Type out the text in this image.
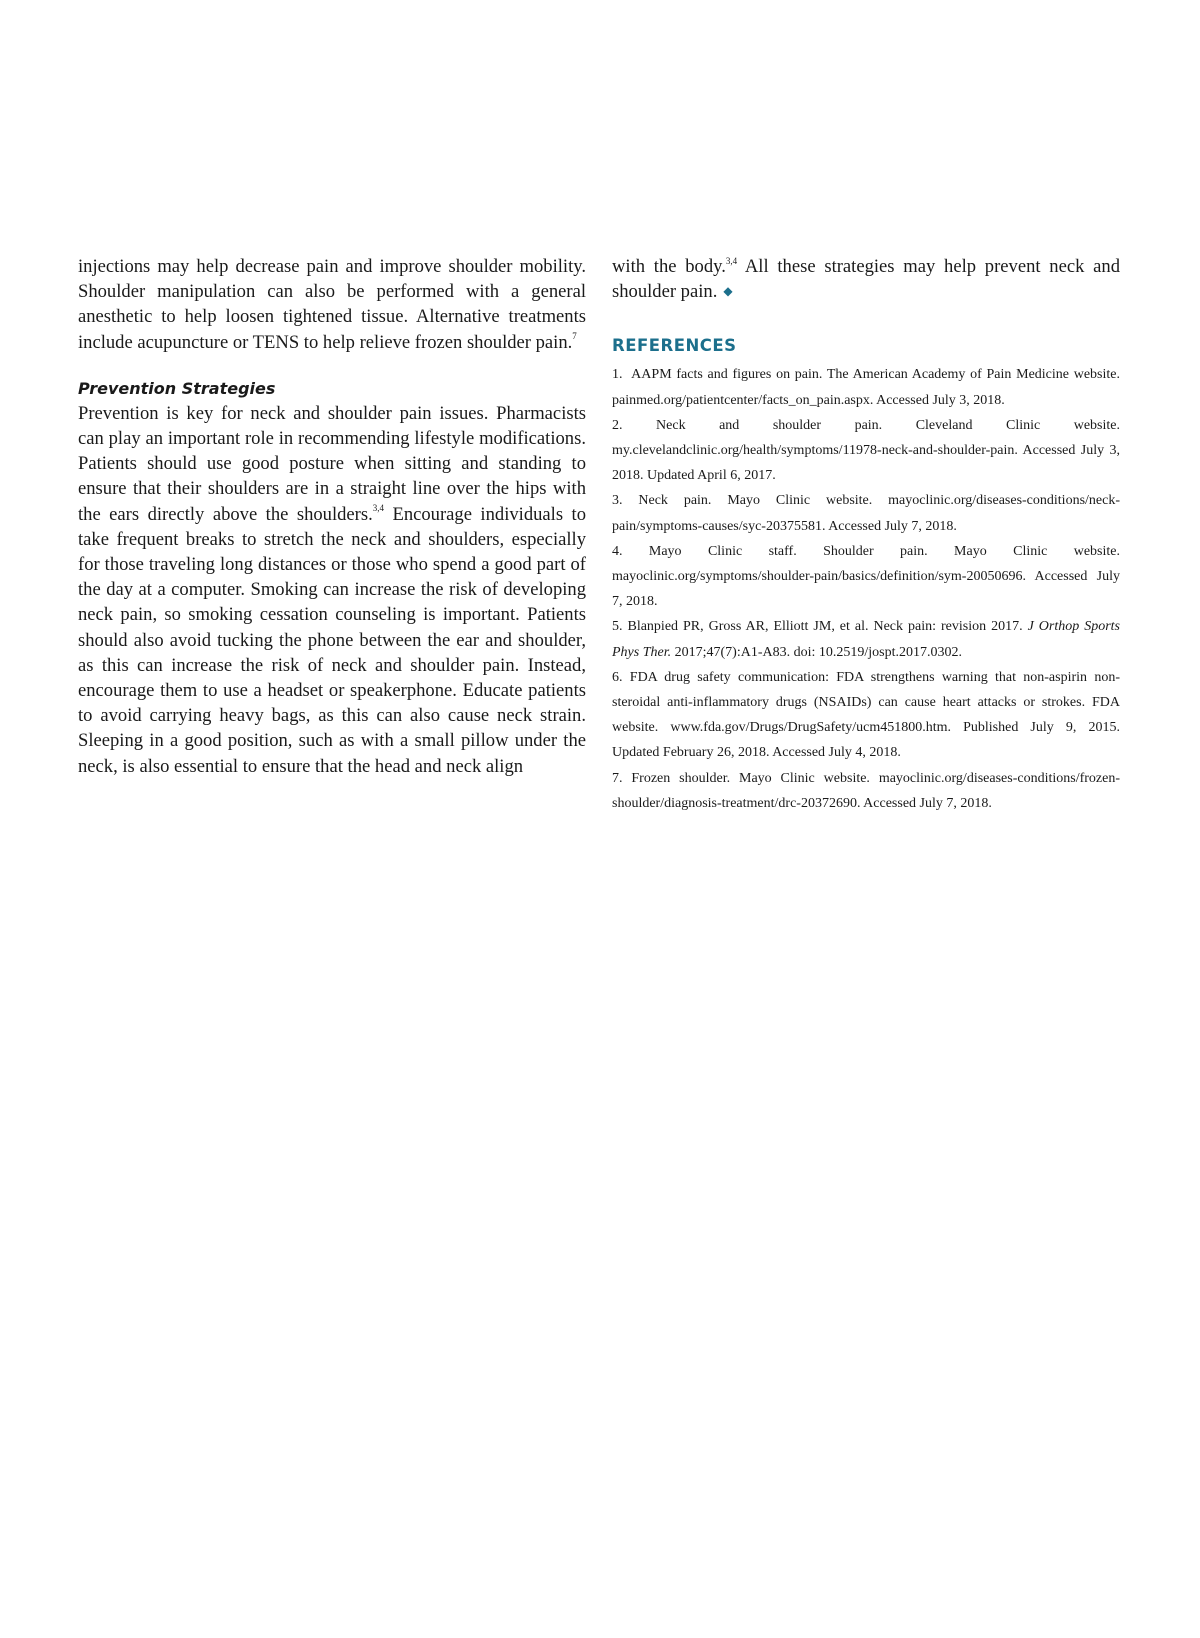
injections may help decrease pain and improve shoulder mobility. Shoulder manipulation can also be performed with a general anesthetic to help loosen tightened tissue. Alternative treatments include acupuncture or TENS to help relieve frozen shoulder pain.$^7$

Prevention Strategies

Prevention is key for neck and shoulder pain issues. Pharmacists can play an important role in recommending lifestyle modifications. Patients should use good posture when sitting and standing to ensure that their shoulders are in a straight line over the hips with the ears directly above the shoulders.$^{3,4}$ Encourage individuals to take frequent breaks to stretch the neck and shoulders, especially for those traveling long distances or those who spend a good part of the day at a computer. Smoking can increase the risk of developing neck pain, so smoking cessation counseling is important. Patients should also avoid tucking the phone between the ear and shoulder, as this can increase the risk of neck and shoulder pain. Instead, encourage them to use a headset or speakerphone. Educate patients to avoid carrying heavy bags, as this can also cause neck strain. Sleeping in a good position, such as with a small pillow under the neck, is also essential to ensure that the head and neck align

with the body.$^{3,4}$ All these strategies may help prevent neck and shoulder pain. ◆

REFERENCES

1.  AAPM facts and figures on pain. The American Academy of Pain Medicine website. painmed.org/patientcenter/facts_on_pain.aspx. Accessed July 3, 2018.

2. Neck and shoulder pain. Cleveland Clinic website. my.clevelandclinic.org/health/symptoms/11978-neck-and-shoulder-pain. Accessed July 3, 2018. Updated April 6, 2017.

3. Neck pain. Mayo Clinic website. mayoclinic.org/diseases-conditions/neck-pain/symptoms-causes/syc-20375581. Accessed July 7, 2018.

4. Mayo Clinic staff. Shoulder pain. Mayo Clinic website. mayoclinic.org/symptoms/shoulder-pain/basics/definition/sym-20050696. Accessed July 7, 2018.

5. Blanpied PR, Gross AR, Elliott JM, et al. Neck pain: revision 2017. J Orthop Sports Phys Ther. 2017;47(7):A1-A83. doi: 10.2519/jospt.2017.0302.

6. FDA drug safety communication: FDA strengthens warning that non-aspirin nonsteroidal anti-inflammatory drugs (NSAIDs) can cause heart attacks or strokes. FDA website. www.fda.gov/Drugs/DrugSafety/ucm451800.htm. Published July 9, 2015. Updated February 26, 2018. Accessed July 4, 2018.

7. Frozen shoulder. Mayo Clinic website. mayoclinic.org/diseases-conditions/frozen-shoulder/diagnosis-treatment/drc-20372690. Accessed July 7, 2018.
